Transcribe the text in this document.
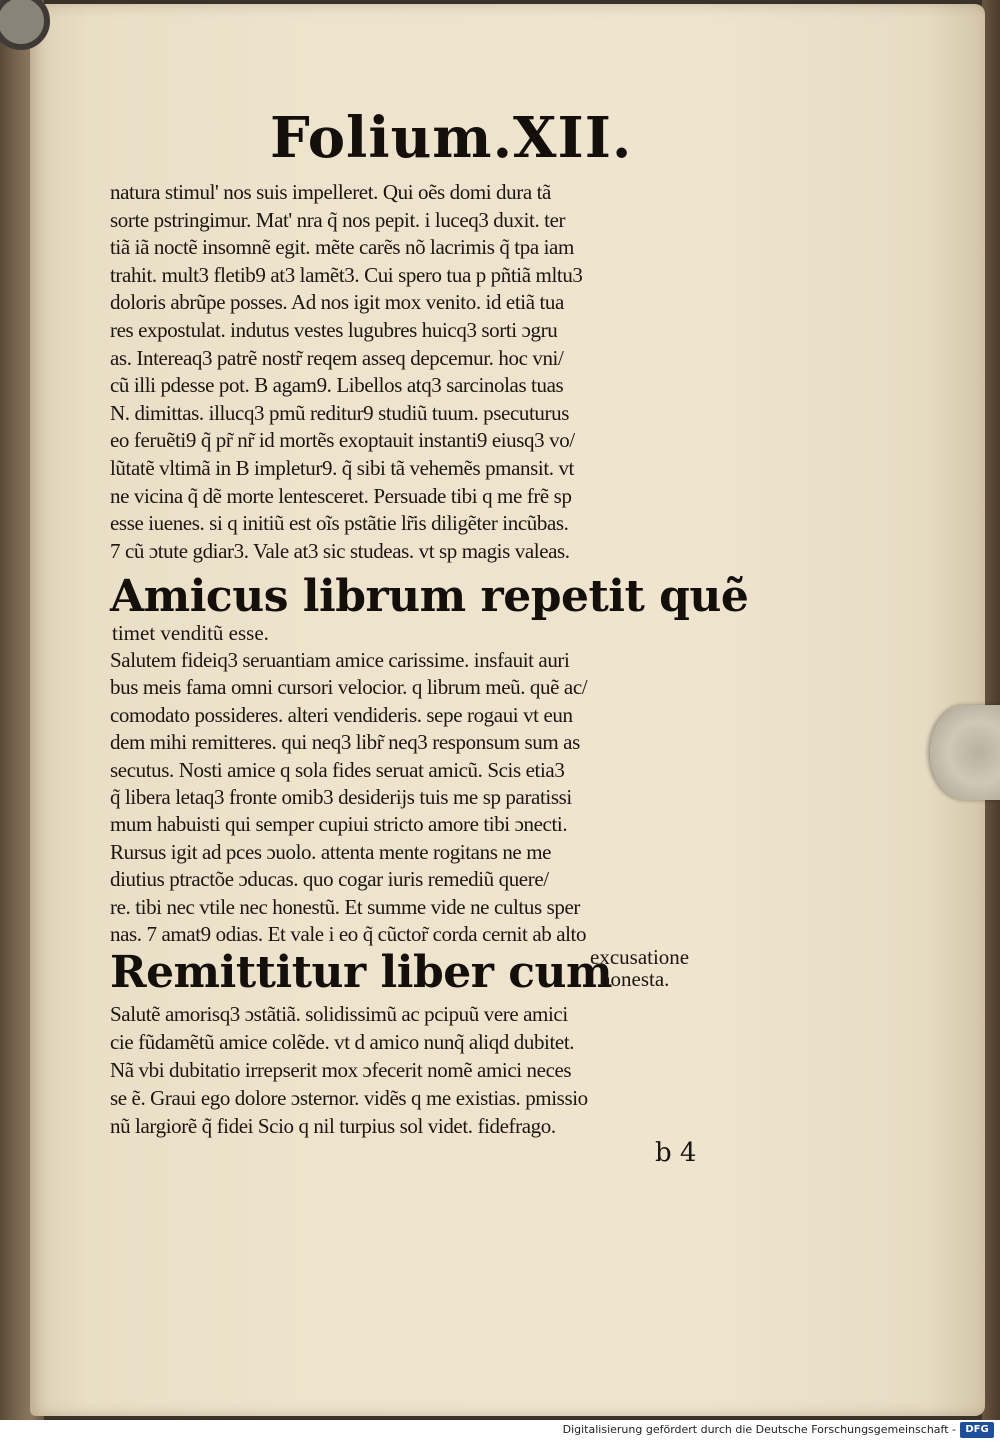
Folium.XII.
natura stimul' nos suis impelleret. Qui oẽs domi dura tã
sorte pstringimur. Mat' nra q̃ nos pepit. i luceq3 duxit. ter
tiã iã noctẽ insomnẽ egit. mẽte carẽs nõ lacrimis q̃ tpa iam
trahit. mult3 fletib9 at3 lamẽt3. Cui spero tua p pñtiã mltu3
doloris abrũpe posses. Ad nos igit mox venito. id etiã tua
res expostulat. indutus vestes lugubres huicq3 sorti ɔgru
as. Intereaq3 patrẽ nostr̃ reqem asseq depcemur. hoc vni/
cũ illi pdesse pot. B agam9. Libellos atq3 sarcinolas tuas
N. dimittas. illucq3 pmũ reditur9 studiũ tuum. psecuturus
eo feruẽti9 q̃ pr̃ nr̃ id mortẽs exoptauit instanti9 eiusq3 vo/
lũtatẽ vltimã in B impletur9. q̃ sibi tã vehemẽs pmansit. vt
ne vicina q̃ dẽ morte lentesceret. Persuade tibi q me frẽ sp
esse iuenes. si q initiũ est oĩs pstãtie lr̃is diligẽter incũbas.
7 cũ ɔtute gdiar3. Vale at3 sic studeas. vt sp magis valeas.
Amicus librum repetit quẽ
timet venditũ esse.
Salutem fideiq3 seruantiam amice carissime. insfauit auri
bus meis fama omni cursori velocior. q librum meũ. quẽ ac/
comodato possideres. alteri vendideris. sepe rogaui vt eun
dem mihi remitteres. qui neq3 libr̃ neq3 responsum sum as
secutus. Nosti amice q sola fides seruat amicũ. Scis etia3
q̃ libera letaq3 fronte omib3 desiderijs tuis me sp paratissi
mum habuisti qui semper cupiui stricto amore tibi ɔnecti.
Rursus igit ad pces ɔuolo. attenta mente rogitans ne me
diutius ptractõe ɔducas. quo cogar iuris remediũ quere/
re. tibi nec vtile nec honestũ. Et summe vide ne cultus sper
nas. 7 amat9 odias. Et vale i eo q̃ cũctor̃ corda cernit ab alto
Remittitur liber cum
excusatione
honesta.
Salutẽ amorisq3 ɔstãtiã. solidissimũ ac pcipuũ vere amici
cie fũdamẽtũ amice colẽde. vt d amico nunq̃ aliqd dubitet.
Nã vbi dubitatio irrepserit mox ɔfecerit nomẽ amici neces
se ẽ. Graui ego dolore ɔsternor. vidẽs q me existias. pmissio
nũ largiorẽ q̃ fidei Scio q nil turpius sol videt. fidefrago.
b 4
Digitalisierung gefördert durch die Deutsche Forschungsgemeinschaft - DFG
